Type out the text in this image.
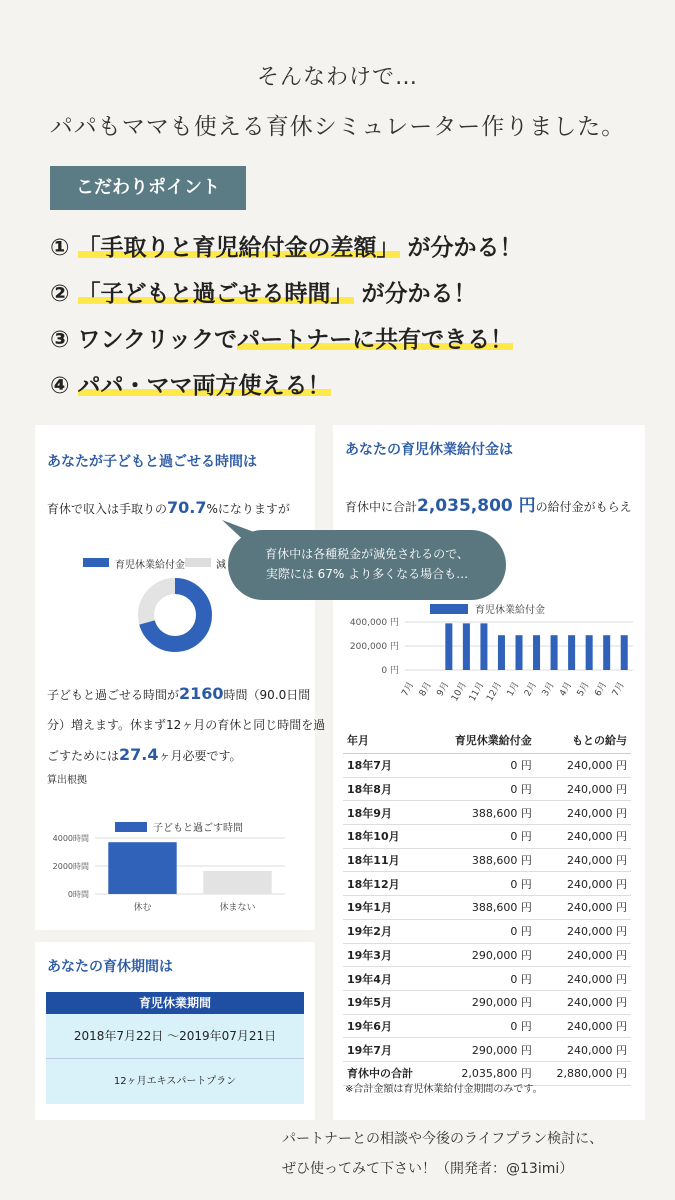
そんなわけで…
パパもママも使える育休シミュレーター作りました。
こだわりポイント
① 「手取りと育児給付金の差額」 が分かる！
② 「子どもと過ごせる時間」 が分かる！
③ ワンクリックでパートナーに共有できる！
④ パパ・ママ両方使える！
あなたが子どもと過ごせる時間は
育休で収入は手取りの70.7%になりますが
育児休業給付金	減
子どもと過ごせる時間が2160時間（90.0日間
分）増えます。休まず12ヶ月の育休と同じ時間を過
ごすためには27.4ヶ月必要です。
算出根拠
子どもと過ごす時間
4000時間
2000時間
0時間
休む	休まない
あなたの育休期間は
育児休業期間
2018年7月22日 〜2019年07月21日
12ヶ月エキスパートプラン
あなたの育児休業給付金は
育休中に合計2,035,800 円の給付金がもらえ
育児休業給付金
400,000 円
200,000 円
0 円
7月 8月 9月
10月
11月
12月 1月 2月 3月 4月 5月 6月 7月
年月	育児休業給付金	もとの給与
18年7月	0 円	240,000 円
18年8月	0 円	240,000 円
18年9月	388,600 円	240,000 円
18年10月	0 円	240,000 円
18年11月	388,600 円	240,000 円
18年12月	0 円	240,000 円
19年1月	388,600 円	240,000 円
19年2月	0 円	240,000 円
19年3月	290,000 円	240,000 円
19年4月	0 円	240,000 円
19年5月	290,000 円	240,000 円
19年6月	0 円	240,000 円
19年7月	290,000 円	240,000 円
育休中の合計	2,035,800 円	2,880,000 円
※合計金額は育児休業給付金期間のみです。
育休中は各種税金が減免されるので、
実際には 67% より多くなる場合も…
パートナーとの相談や今後のライフプラン検討に、
ぜひ使ってみて下さい！（開発者：@13imi）
